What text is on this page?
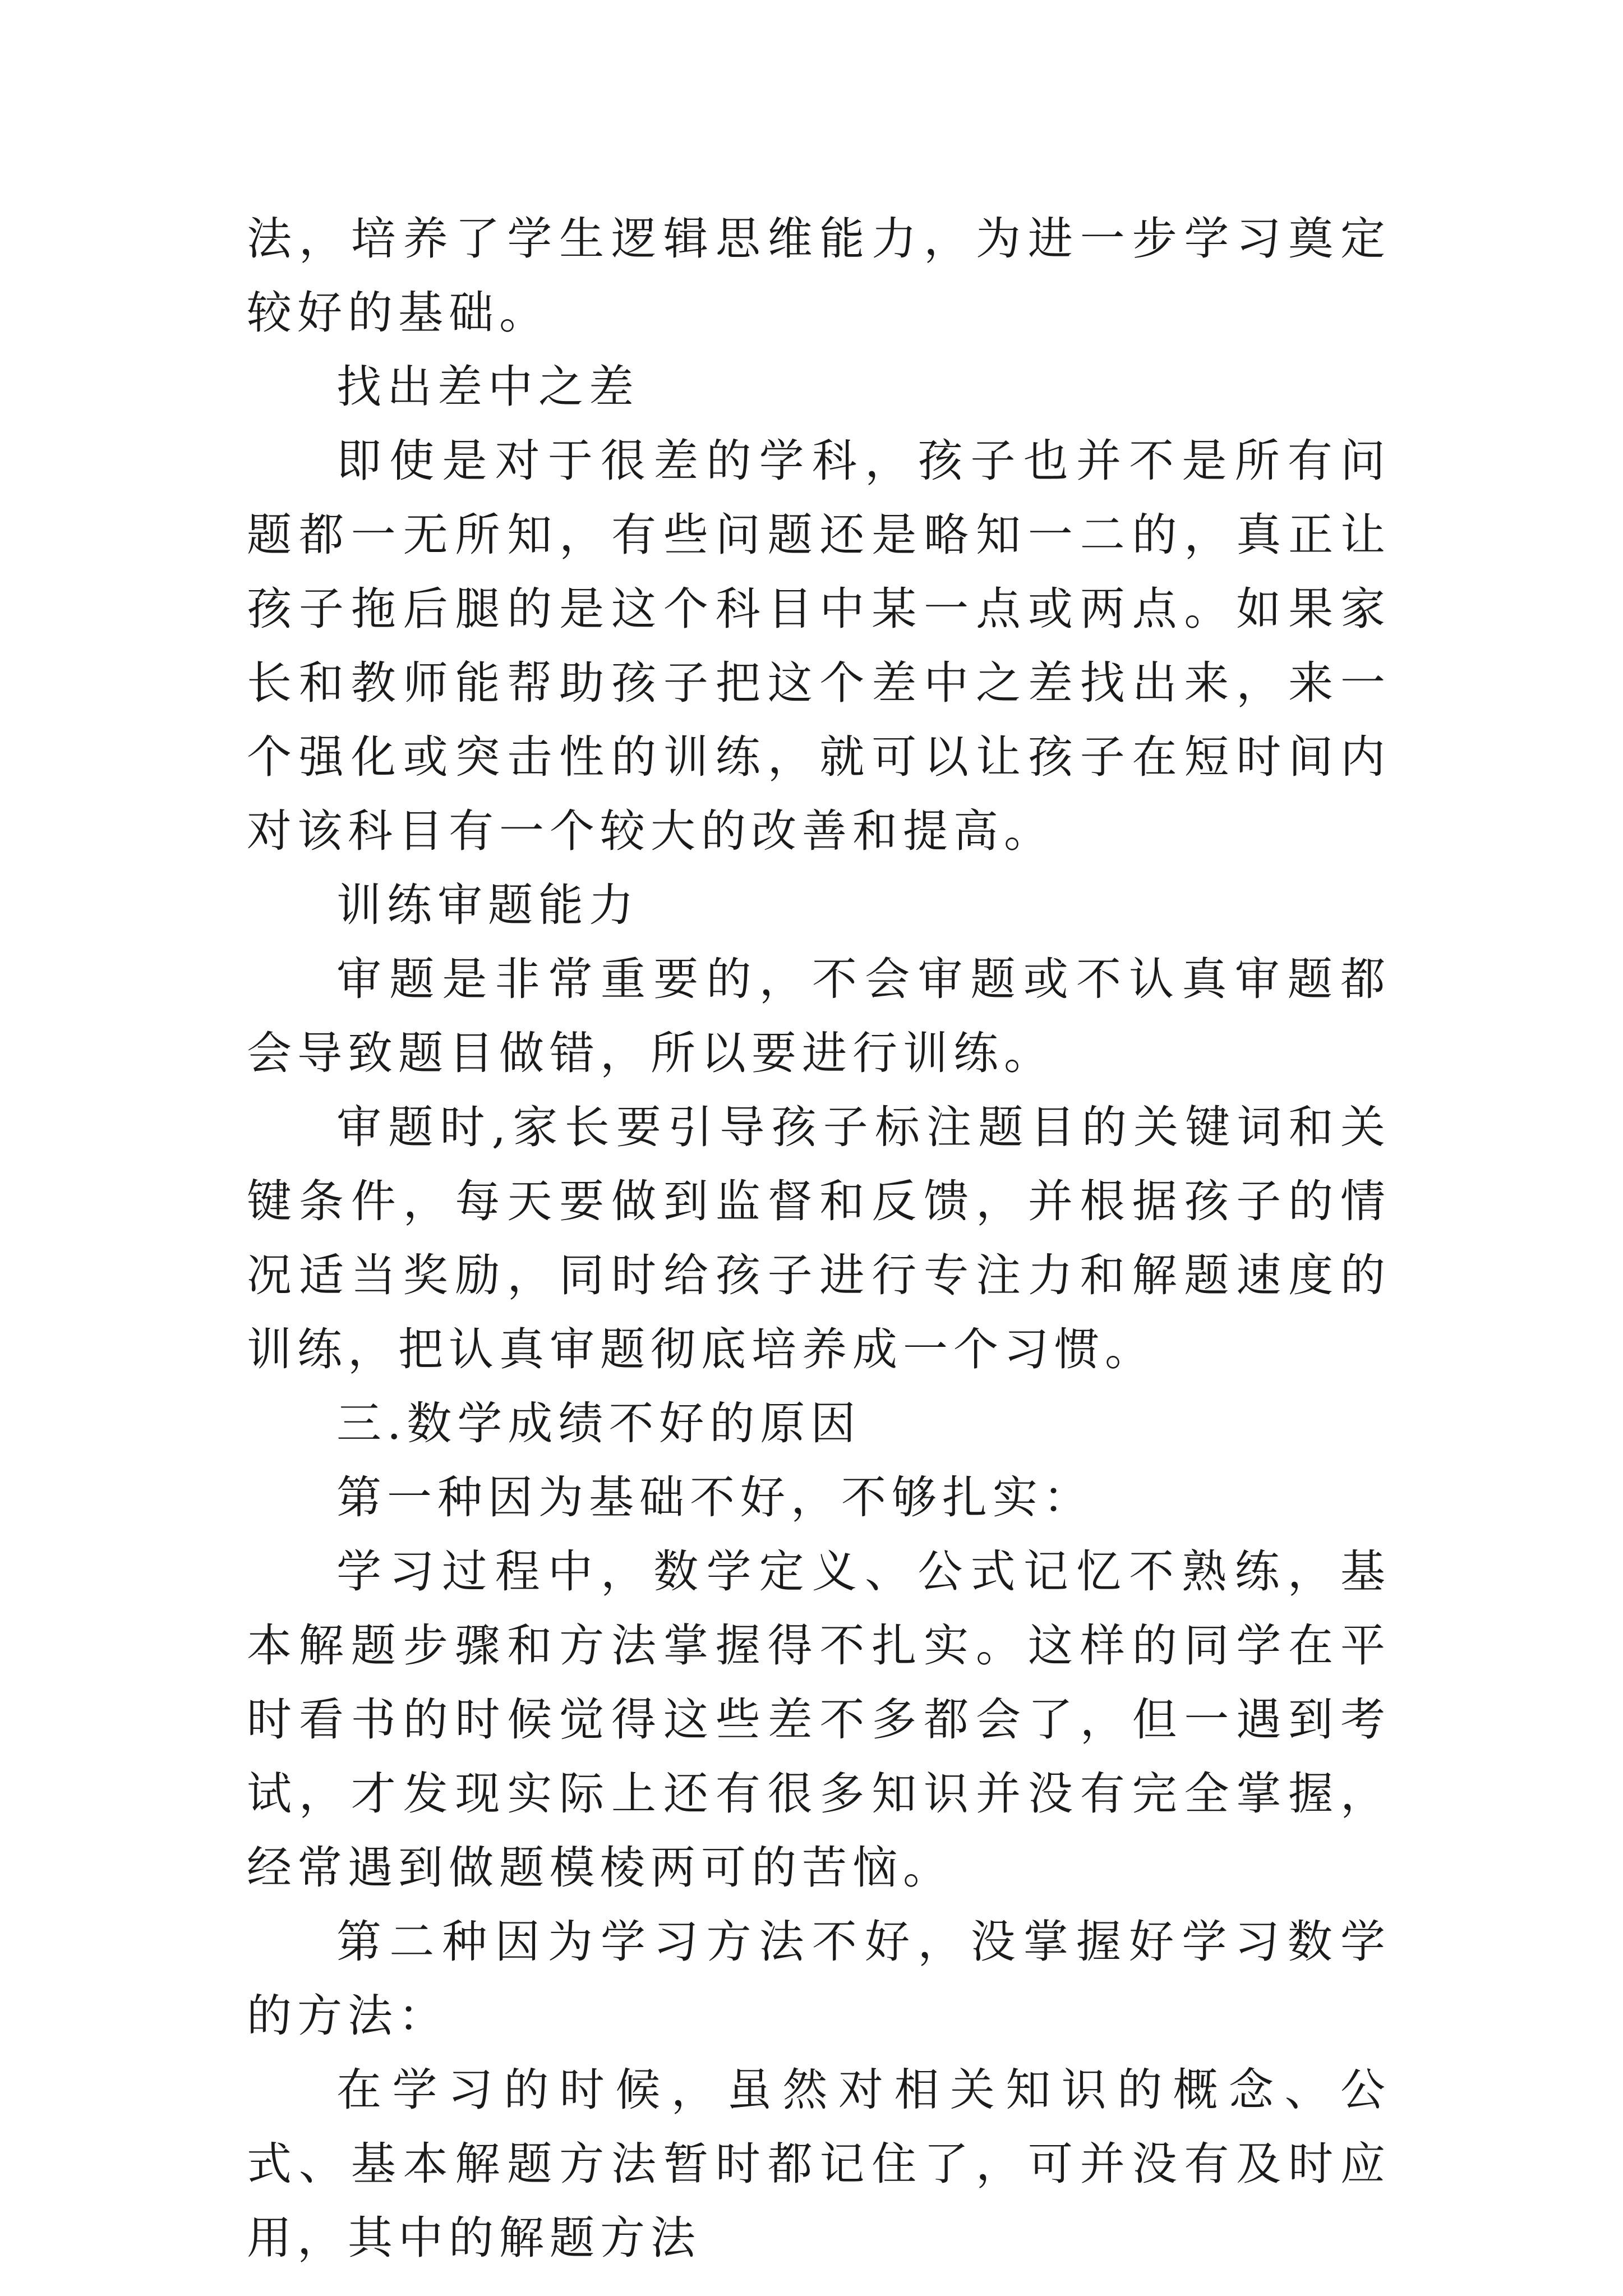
法，培养了学生逻辑思维能力，为进一步学习奠定较好的基础。

找出差中之差

即使是对于很差的学科，孩子也并不是所有问题都一无所知，有些问题还是略知一二的，真正让孩子拖后腿的是这个科目中某一点或两点。如果家长和教师能帮助孩子把这个差中之差找出来，来一个强化或突击性的训练，就可以让孩子在短时间内对该科目有一个较大的改善和提高。

训练审题能力

审题是非常重要的，不会审题或不认真审题都会导致题目做错，所以要进行训练。

审题时,家长要引导孩子标注题目的关键词和关键条件，每天要做到监督和反馈，并根据孩子的情况适当奖励，同时给孩子进行专注力和解题速度的训练，把认真审题彻底培养成一个习惯。

三.数学成绩不好的原因

第一种因为基础不好，不够扎实：

学习过程中，数学定义、公式记忆不熟练，基本解题步骤和方法掌握得不扎实。这样的同学在平时看书的时候觉得这些差不多都会了，但一遇到考试，才发现实际上还有很多知识并没有完全掌握，经常遇到做题模棱两可的苦恼。

第二种因为学习方法不好，没掌握好学习数学的方法：

在学习的时候，虽然对相关知识的概念、公式、基本解题方法暂时都记住了，可并没有及时应用，其中的解题方法
